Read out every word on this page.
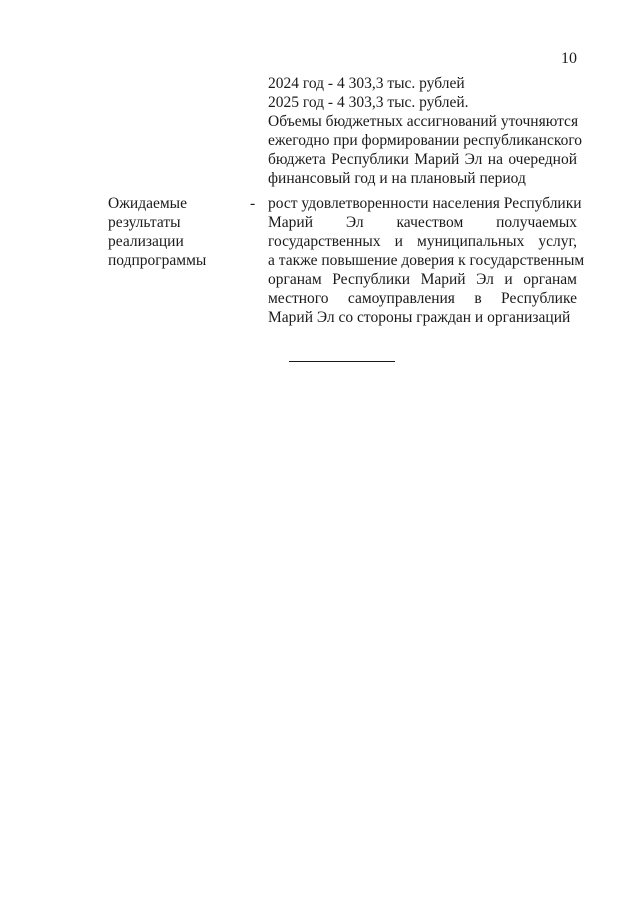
10
2024 год - 4 303,3 тыс. рублей
2025 год - 4 303,3 тыс. рублей.
Объемы бюджетных ассигнований уточняются
ежегодно при формировании республиканского
бюджета Республики Марий Эл на очередной
финансовый год и на плановый период
Ожидаемые
результаты
реализации
подпрограммы
- рост удовлетворенности населения Республики
Марий Эл качеством получаемых
государственных и муниципальных услуг,
а также повышение доверия к государственным
органам Республики Марий Эл и органам
местного самоуправления в Республике
Марий Эл со стороны граждан и организаций
